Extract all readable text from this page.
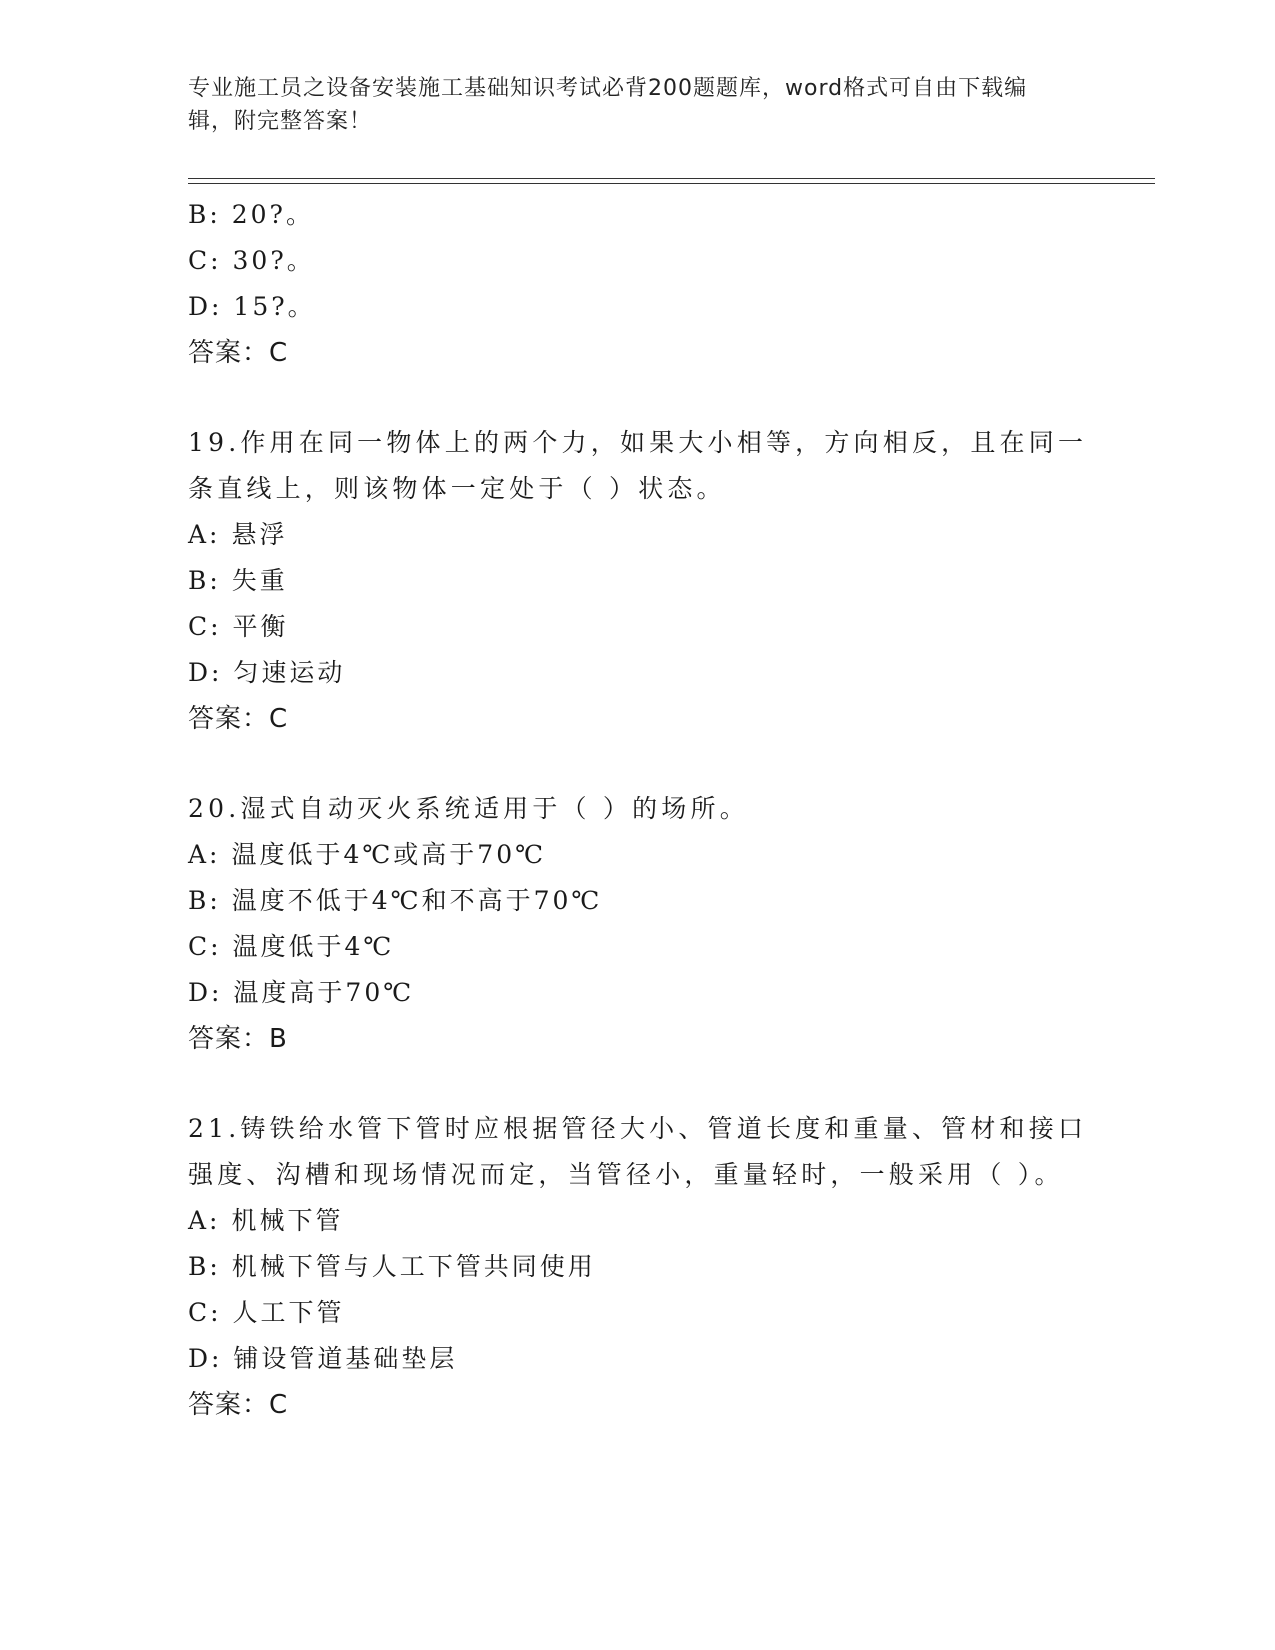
专业施工员之设备安装施工基础知识考试必背200题题库，word格式可自由下载编辑，附完整答案！
B: 20?。
C: 30?。
D: 15?。
答案：C
19.作用在同一物体上的两个力，如果大小相等，方向相反，且在同一条直线上，则该物体一定处于（ ）状态。
A: 悬浮
B: 失重
C: 平衡
D: 匀速运动
答案：C
20.湿式自动灭火系统适用于（ ）的场所。
A: 温度低于4℃或高于70℃
B: 温度不低于4℃和不高于70℃
C: 温度低于4℃
D: 温度高于70℃
答案：B
21.铸铁给水管下管时应根据管径大小、管道长度和重量、管材和接口强度、沟槽和现场情况而定，当管径小，重量轻时，一般采用（ ）。
A: 机械下管
B: 机械下管与人工下管共同使用
C: 人工下管
D: 铺设管道基础垫层
答案：C
